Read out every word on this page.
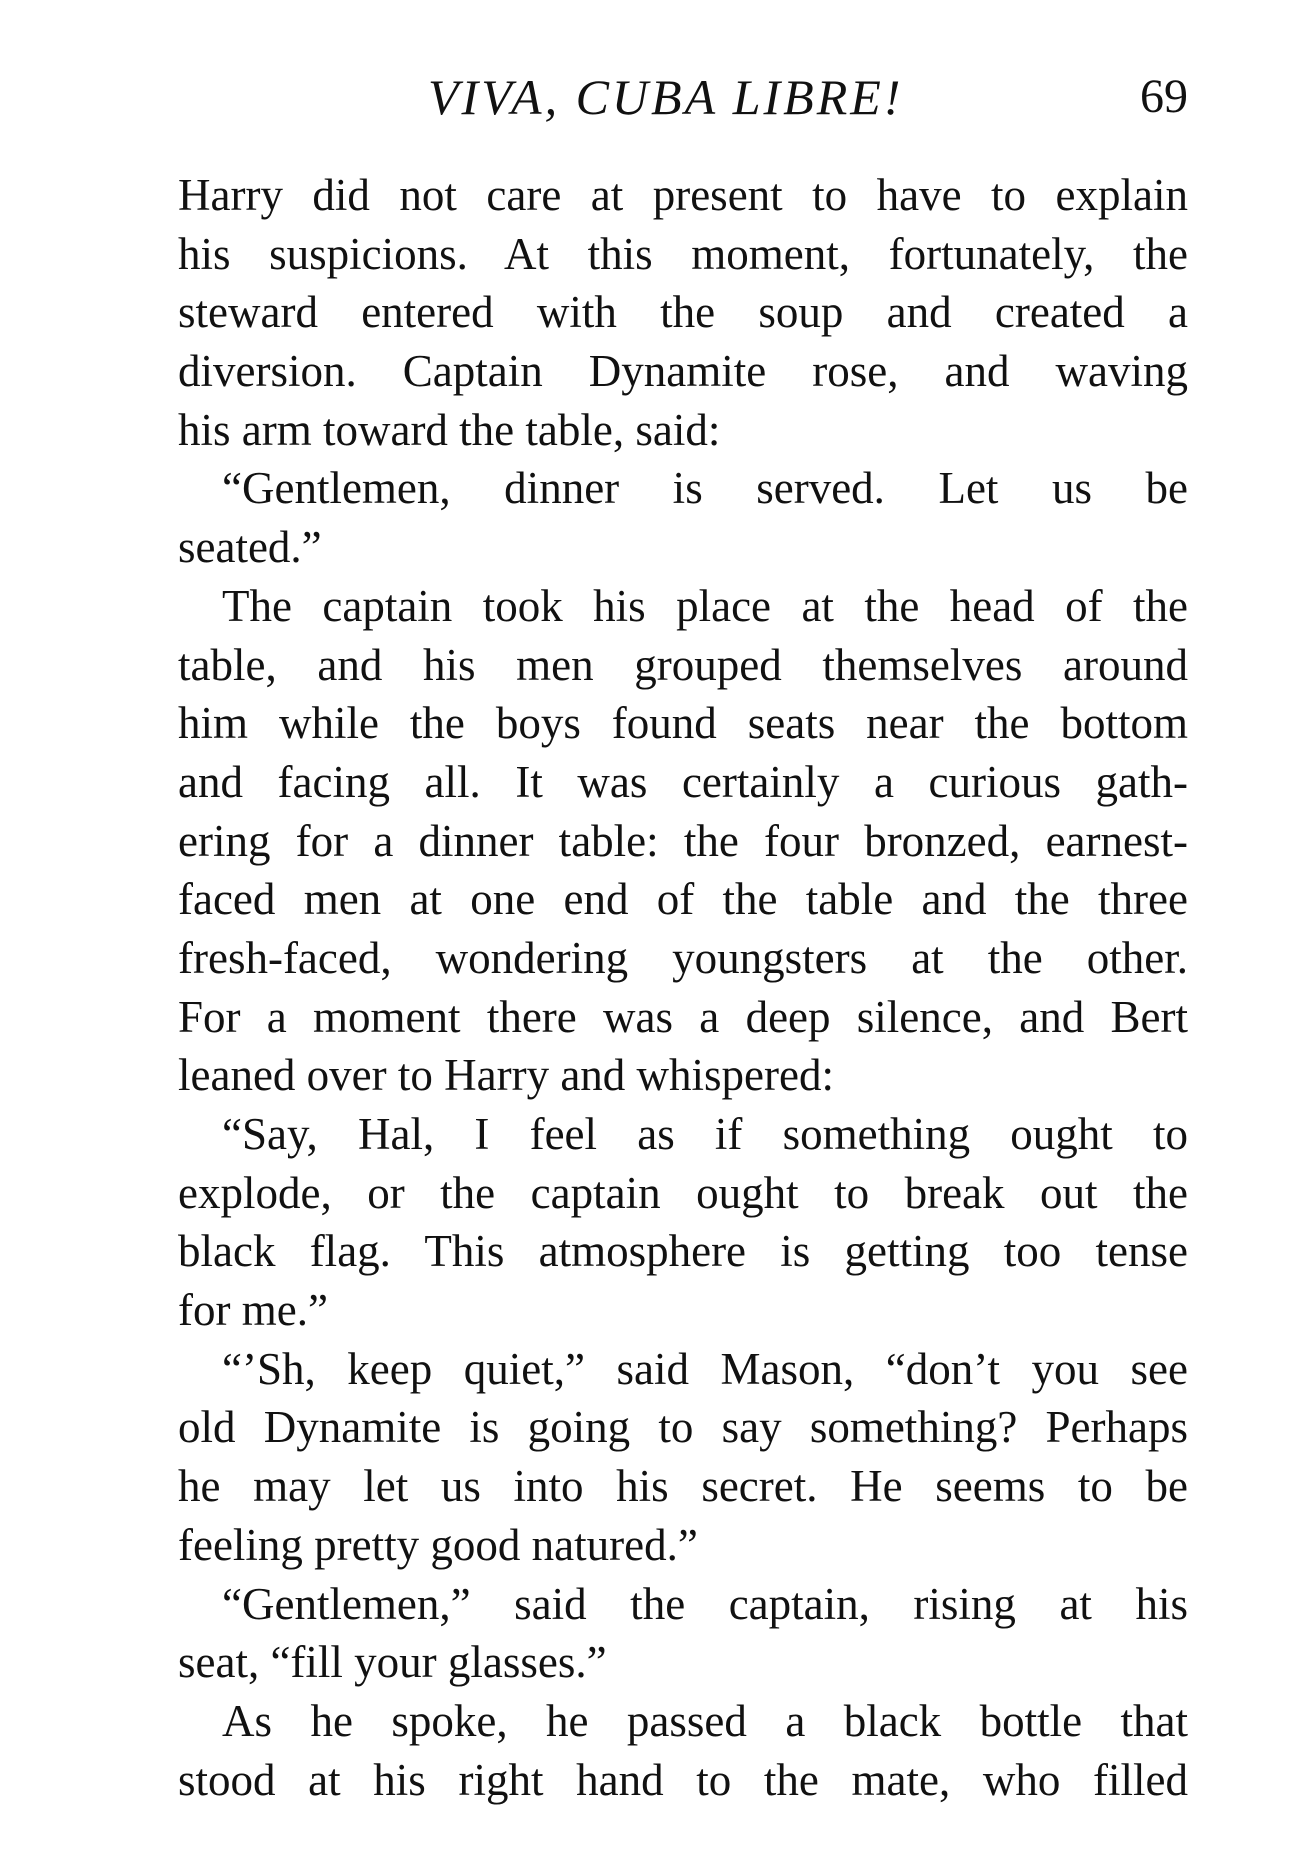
VIVA, CUBA LIBRE!	69
Harry did not care at present to have to explain
his suspicions. At this moment, fortunately, the
steward entered with the soup and created a
diversion. Captain Dynamite rose, and waving
his arm toward the table, said:
“Gentlemen, dinner is served. Let us be
seated.”
The captain took his place at the head of the
table, and his men grouped themselves around
him while the boys found seats near the bottom
and facing all. It was certainly a curious gath-
ering for a dinner table: the four bronzed, earnest-
faced men at one end of the table and the three
fresh-faced, wondering youngsters at the other.
For a moment there was a deep silence, and Bert
leaned over to Harry and whispered:
“Say, Hal, I feel as if something ought to
explode, or the captain ought to break out the
black flag. This atmosphere is getting too tense
for me.”
“’Sh, keep quiet,” said Mason, “don’t you see
old Dynamite is going to say something? Perhaps
he may let us into his secret. He seems to be
feeling pretty good natured.”
“Gentlemen,” said the captain, rising at his
seat, “fill your glasses.”
As he spoke, he passed a black bottle that
stood at his right hand to the mate, who filled
